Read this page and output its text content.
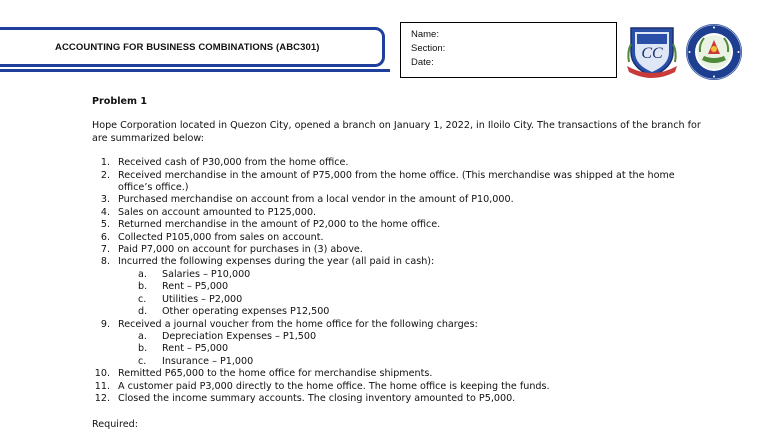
ACCOUNTING FOR BUSINESS COMBINATIONS (ABC301)
Name:
Section:
Date:
CC
Problem 1
Hope Corporation located in Quezon City, opened a branch on January 1, 2022, in Iloilo City. The transactions of the branch for are summarized below:
1. Received cash of P30,000 from the home office.
2. Received merchandise in the amount of P75,000 from the home office. (This merchandise was shipped at the home office’s office.)
3. Purchased merchandise on account from a local vendor in the amount of P10,000.
4. Sales on account amounted to P125,000.
5. Returned merchandise in the amount of P2,000 to the home office.
6. Collected P105,000 from sales on account.
7. Paid P7,000 on account for purchases in (3) above.
8. Incurred the following expenses during the year (all paid in cash):
a.	Salaries – P10,000
b.	Rent – P5,000
c.	Utilities – P2,000
d.	Other operating expenses P12,500
9. Received a journal voucher from the home office for the following charges:
a.	Depreciation Expenses – P1,500
b.	Rent – P5,000
c.	Insurance – P1,000
10. Remitted P65,000 to the home office for merchandise shipments.
11. A customer paid P3,000 directly to the home office. The home office is keeping the funds.
12. Closed the income summary accounts. The closing inventory amounted to P5,000.
Required:
